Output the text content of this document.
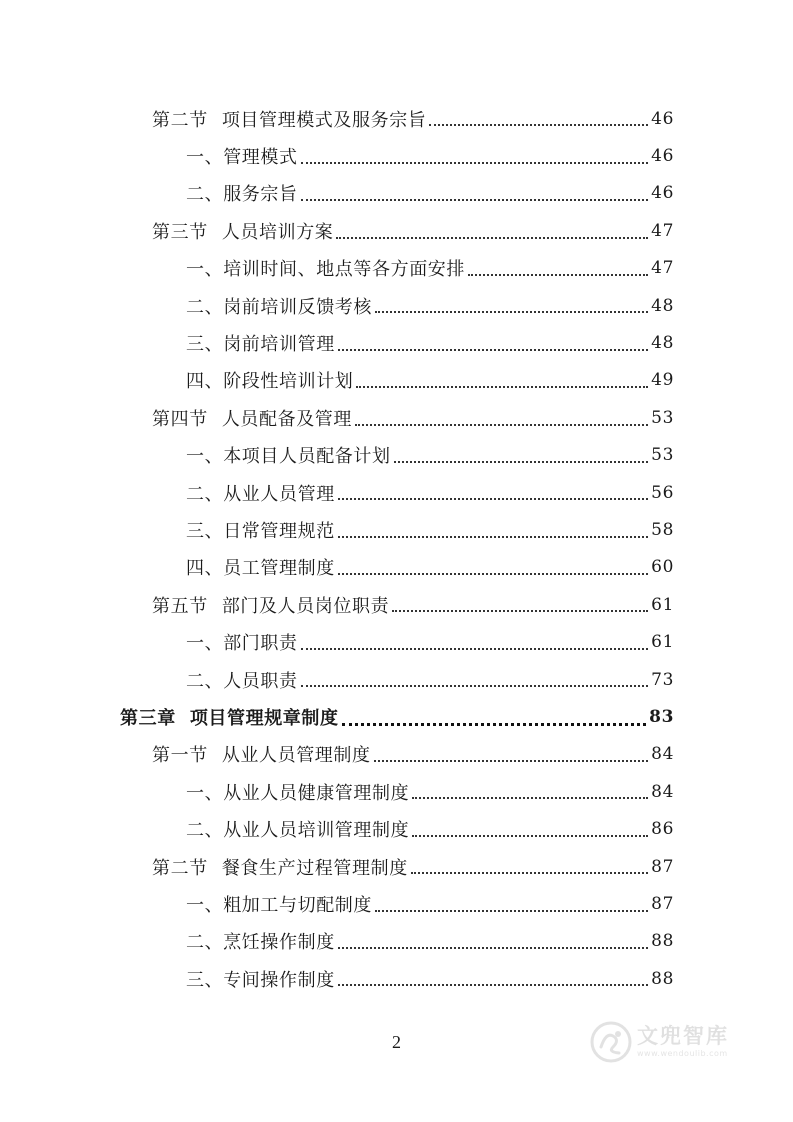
第二节 项目管理模式及服务宗旨	46
一、管理模式	46
二、服务宗旨	46
第三节 人员培训方案	47
一、培训时间、地点等各方面安排	47
二、岗前培训反馈考核	48
三、岗前培训管理	48
四、阶段性培训计划	49
第四节 人员配备及管理	53
一、本项目人员配备计划	53
二、从业人员管理	56
三、日常管理规范	58
四、员工管理制度	60
第五节 部门及人员岗位职责	61
一、部门职责	61
二、人员职责	73
第三章 项目管理规章制度	83
第一节 从业人员管理制度	84
一、从业人员健康管理制度	84
二、从业人员培训管理制度	86
第二节 餐食生产过程管理制度	87
一、粗加工与切配制度	87
二、烹饪操作制度	88
三、专间操作制度	88
2	文兜智库
www.wendoulib.com
